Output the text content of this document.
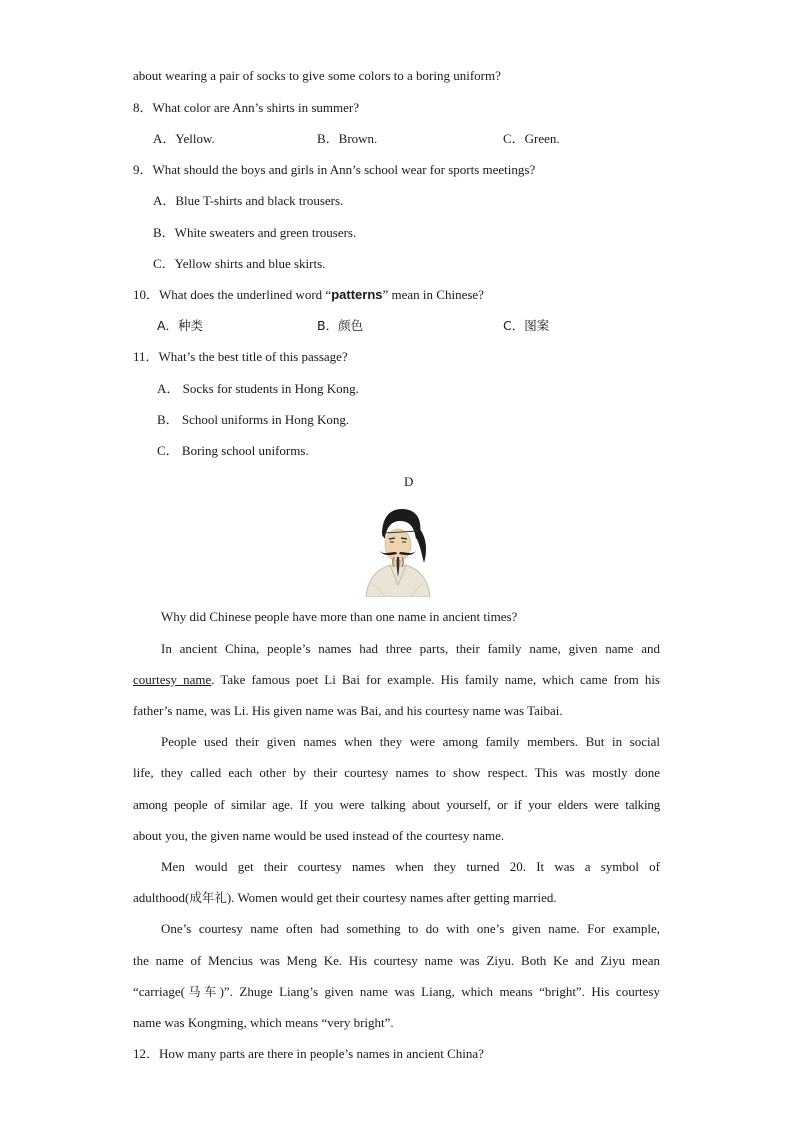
about wearing a pair of socks to give some colors to a boring uniform?
8．What color are Ann’s shirts in summer?
A．Yellow.	B．Brown.	C．Green.
9．What should the boys and girls in Ann’s school wear for sports meetings?
A．Blue T-shirts and black trousers.
B．White sweaters and green trousers.
C．Yellow shirts and blue skirts.
10．What does the underlined word “patterns” mean in Chinese?
A．种类	B．颜色	C．图案
11．What’s the best title of this passage?
A． Socks for students in Hong Kong.
B． School uniforms in Hong Kong.
C． Boring school uniforms.
D
Why did Chinese people have more than one name in ancient times?
In ancient China, people’s names had three parts, their family name, given name and
courtesy name. Take famous poet Li Bai for example. His family name, which came from his
father’s name, was Li. His given name was Bai, and his courtesy name was Taibai.
People used their given names when they were among family members. But in social
life, they called each other by their courtesy names to show respect. This was mostly done
among people of similar age. If you were talking about yourself, or if your elders were talking
about you, the given name would be used instead of the courtesy name.
Men would get their courtesy names when they turned 20. It was a symbol of
adulthood(成年礼). Women would get their courtesy names after getting married.
One’s courtesy name often had something to do with one’s given name. For example,
the name of Mencius was Meng Ke. His courtesy name was Ziyu. Both Ke and Ziyu mean
“carriage(马车)”. Zhuge Liang’s given name was Liang, which means “bright”. His courtesy
name was Kongming, which means “very bright”.
12．How many parts are there in people’s names in ancient China?
